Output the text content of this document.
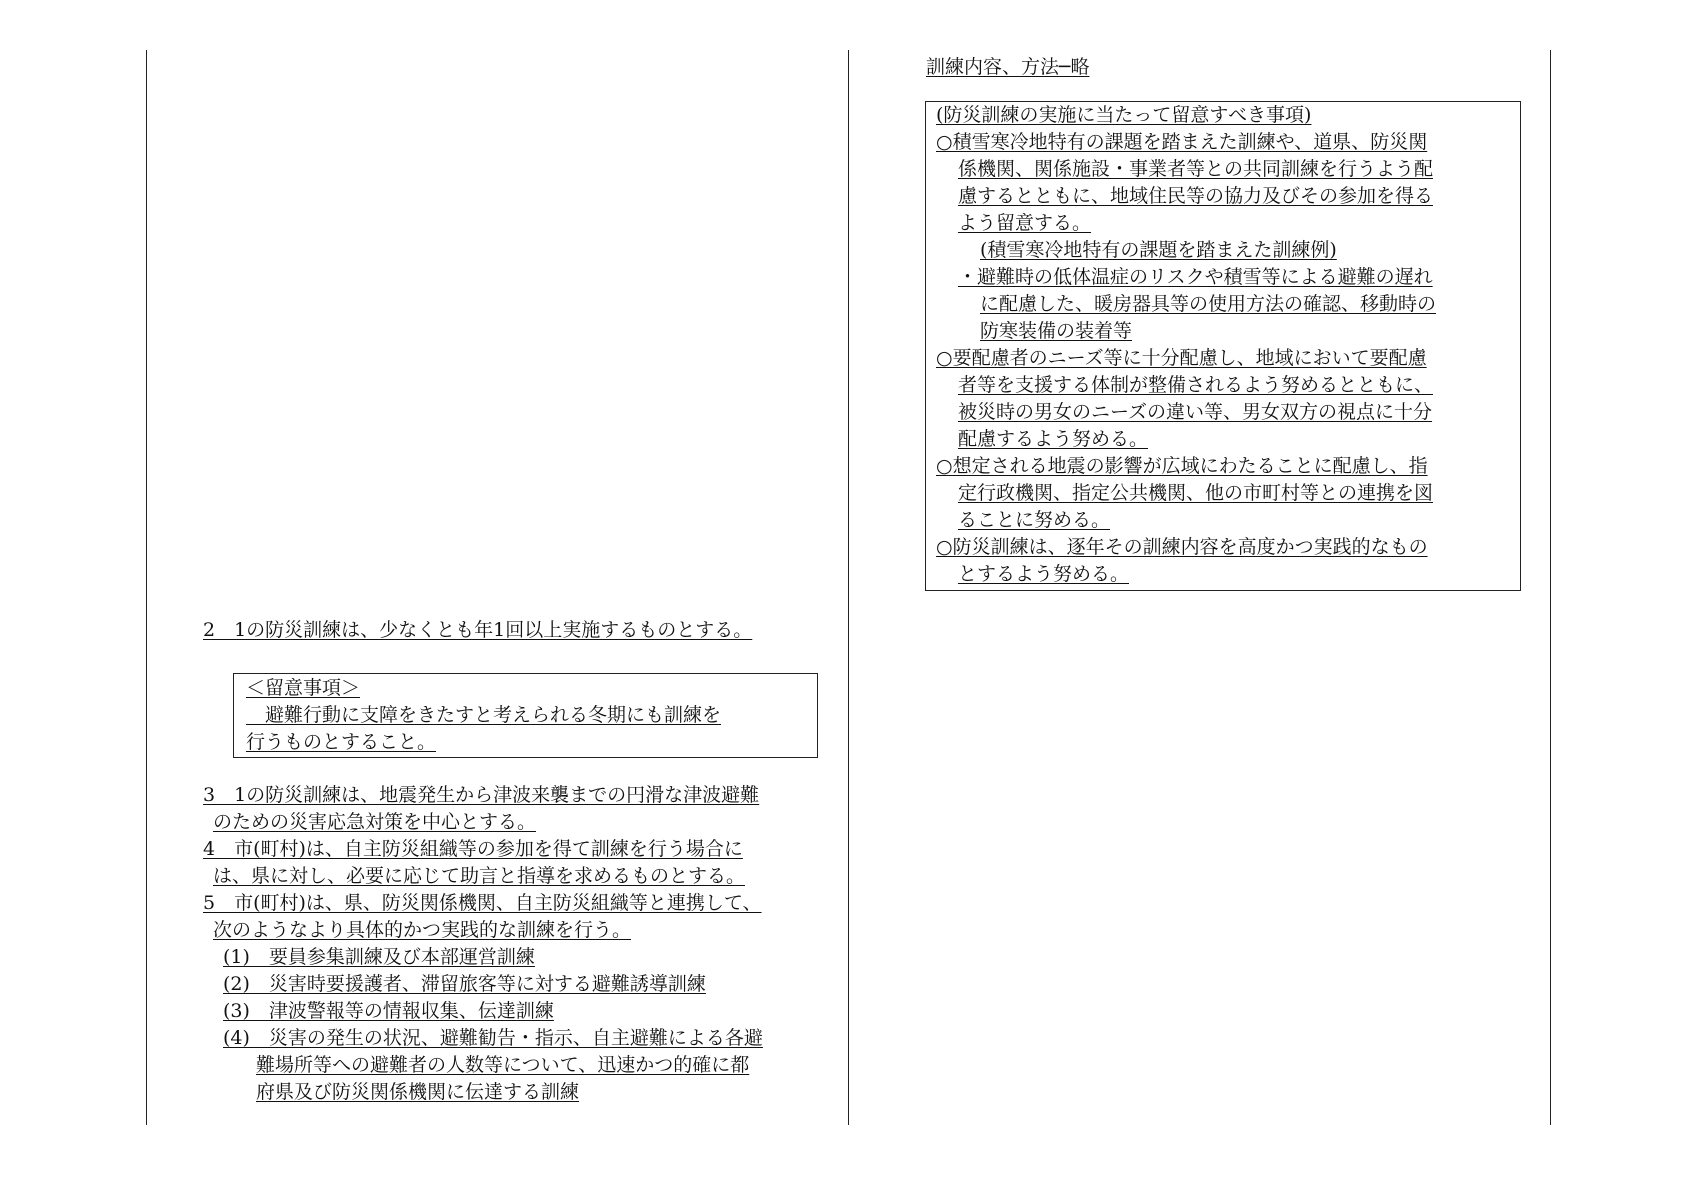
2　1の防災訓練は、少なくとも年1回以上実施するものとする。
＜留意事項＞
　避難行動に支障をきたすと考えられる冬期にも訓練を
行うものとすること。
3　1の防災訓練は、地震発生から津波来襲までの円滑な津波避難
のための災害応急対策を中心とする。
4　市(町村)は、自主防災組織等の参加を得て訓練を行う場合に
は、県に対し、必要に応じて助言と指導を求めるものとする。
5　市(町村)は、県、防災関係機関、自主防災組織等と連携して、
次のようなより具体的かつ実践的な訓練を行う。
(1)　要員参集訓練及び本部運営訓練
(2)　災害時要援護者、滞留旅客等に対する避難誘導訓練
(3)　津波警報等の情報収集、伝達訓練
(4)　災害の発生の状況、避難勧告・指示、自主避難による各避
難場所等への避難者の人数等について、迅速かつ的確に都
府県及び防災関係機関に伝達する訓練
訓練内容、方法─略
(防災訓練の実施に当たって留意すべき事項)
○積雪寒冷地特有の課題を踏まえた訓練や、道県、防災関
係機関、関係施設・事業者等との共同訓練を行うよう配
慮するとともに、地域住民等の協力及びその参加を得る
よう留意する。
(積雪寒冷地特有の課題を踏まえた訓練例)
・避難時の低体温症のリスクや積雪等による避難の遅れ
に配慮した、暖房器具等の使用方法の確認、移動時の
防寒装備の装着等
○要配慮者のニーズ等に十分配慮し、地域において要配慮
者等を支援する体制が整備されるよう努めるとともに、
被災時の男女のニーズの違い等、男女双方の視点に十分
配慮するよう努める。
○想定される地震の影響が広域にわたることに配慮し、指
定行政機関、指定公共機関、他の市町村等との連携を図
ることに努める。
○防災訓練は、逐年その訓練内容を高度かつ実践的なもの
とするよう努める。
